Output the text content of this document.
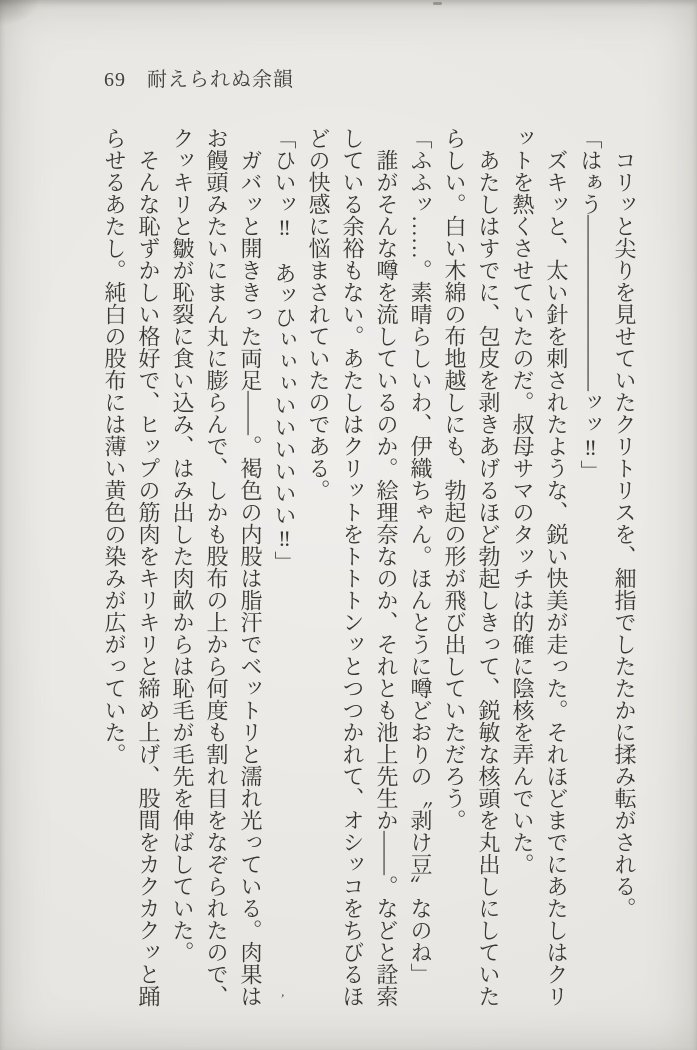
69 耐えられぬ余韻

　コリッと尖りを見せていたクリトリスを、細指でしたたかに揉み転がされる。

「はぁう――――――――ッッ‼」

　ズキッと、太い針を刺されたような、鋭い快美が走った。それほどまでにあたしはクリ

ットを熱くさせていたのだ。叔母サマのタッチは的確に陰核を弄んでいた。

　あたしはすでに、包皮を剥きあげるほど勃起しきって、鋭敏な核頭を丸出しにしていた

らしい。白い木綿の布地越しにも、勃起の形が飛び出していただろう。

「ふふッ……。素晴らしいわ、伊織ちゃん。ほんとうに噂どおりの〝剥け豆〟なのね」

　誰がそんな噂を流しているのか。絵理奈なのか、それとも池上先生か――。などと詮索

している余裕もない。あたしはクリットをトトトンッとつつかれて、オシッコをちびるほ

どの快感に悩まされていたのである。

「ひいッ‼　あッひぃぃぃいいいいいい‼」

　ガバッと開ききった両足――。褐色の内股は脂汗でベットリと濡れ光っている。肉果は

お饅頭みたいにまん丸に膨らんで、しかも股布の上から何度も割れ目をなぞられたので、

クッキリと皺が恥裂に食い込み、はみ出した肉畝からは恥毛が毛先を伸ばしていた。

　そんな恥ずかしい格好で、ヒップの筋肉をキリキリと締め上げ、股間をカクカクッと踊

らせるあたし。純白の股布には薄い黄色の染みが広がっていた。

’
